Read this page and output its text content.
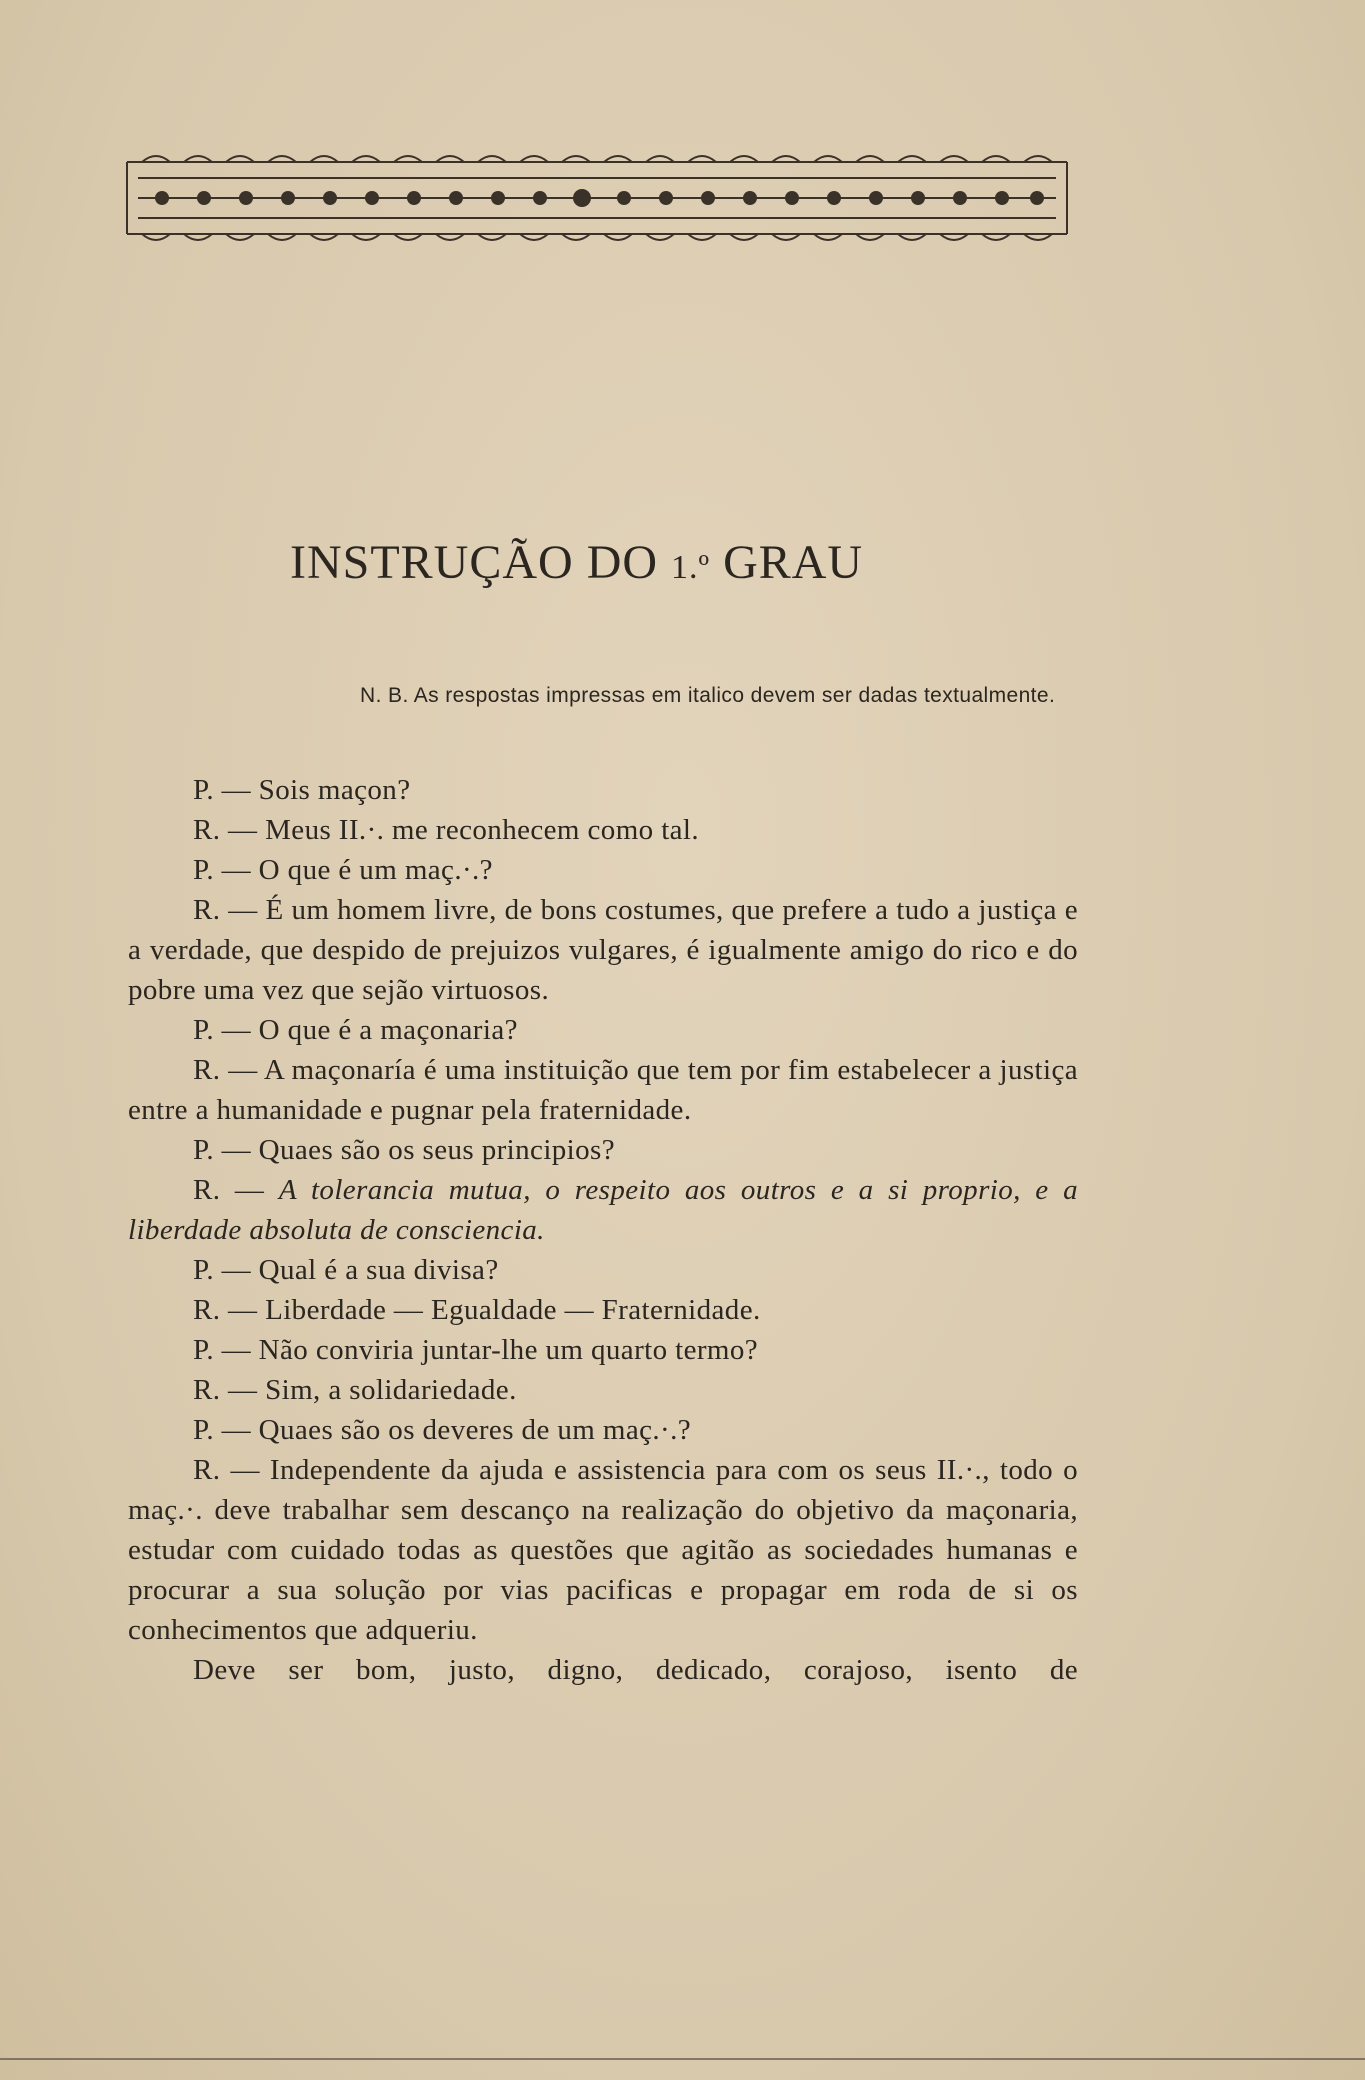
INSTRUÇÃO DO 1.º GRAU
N. B. As respostas impressas em italico devem ser dadas textualmente.

P. — Sois maçon?

R. — Meus II.·. me reconhecem como tal.

P. — O que é um maç.·.?

R. — É um homem livre, de bons costumes, que prefere a tudo a justiça e a verdade, que despido de prejuizos vulgares, é igualmente amigo do rico e do pobre uma vez que sejão virtuosos.

P. — O que é a maçonaria?

R. — A maçonaría é uma instituição que tem por fim estabelecer a justiça entre a humanidade e pugnar pela fraternidade.

P. — Quaes são os seus principios?

R. — A tolerancia mutua, o respeito aos outros e a si proprio, e a liberdade absoluta de consciencia.

P. — Qual é a sua divisa?

R. — Liberdade — Egualdade — Fraternidade.

P. — Não conviria juntar-lhe um quarto termo?

R. — Sim, a solidariedade.

P. — Quaes são os deveres de um maç.·.?

R. — Independente da ajuda e assistencia para com os seus II.·., todo o maç.·. deve trabalhar sem descanço na realização do objetivo da maçonaria, estudar com cuidado todas as questões que agitão as sociedades humanas e procurar a sua solução por vias pacificas e propagar em roda de si os conhecimentos que adqueriu.

Deve ser bom, justo, digno, dedicado, corajoso, isento de
